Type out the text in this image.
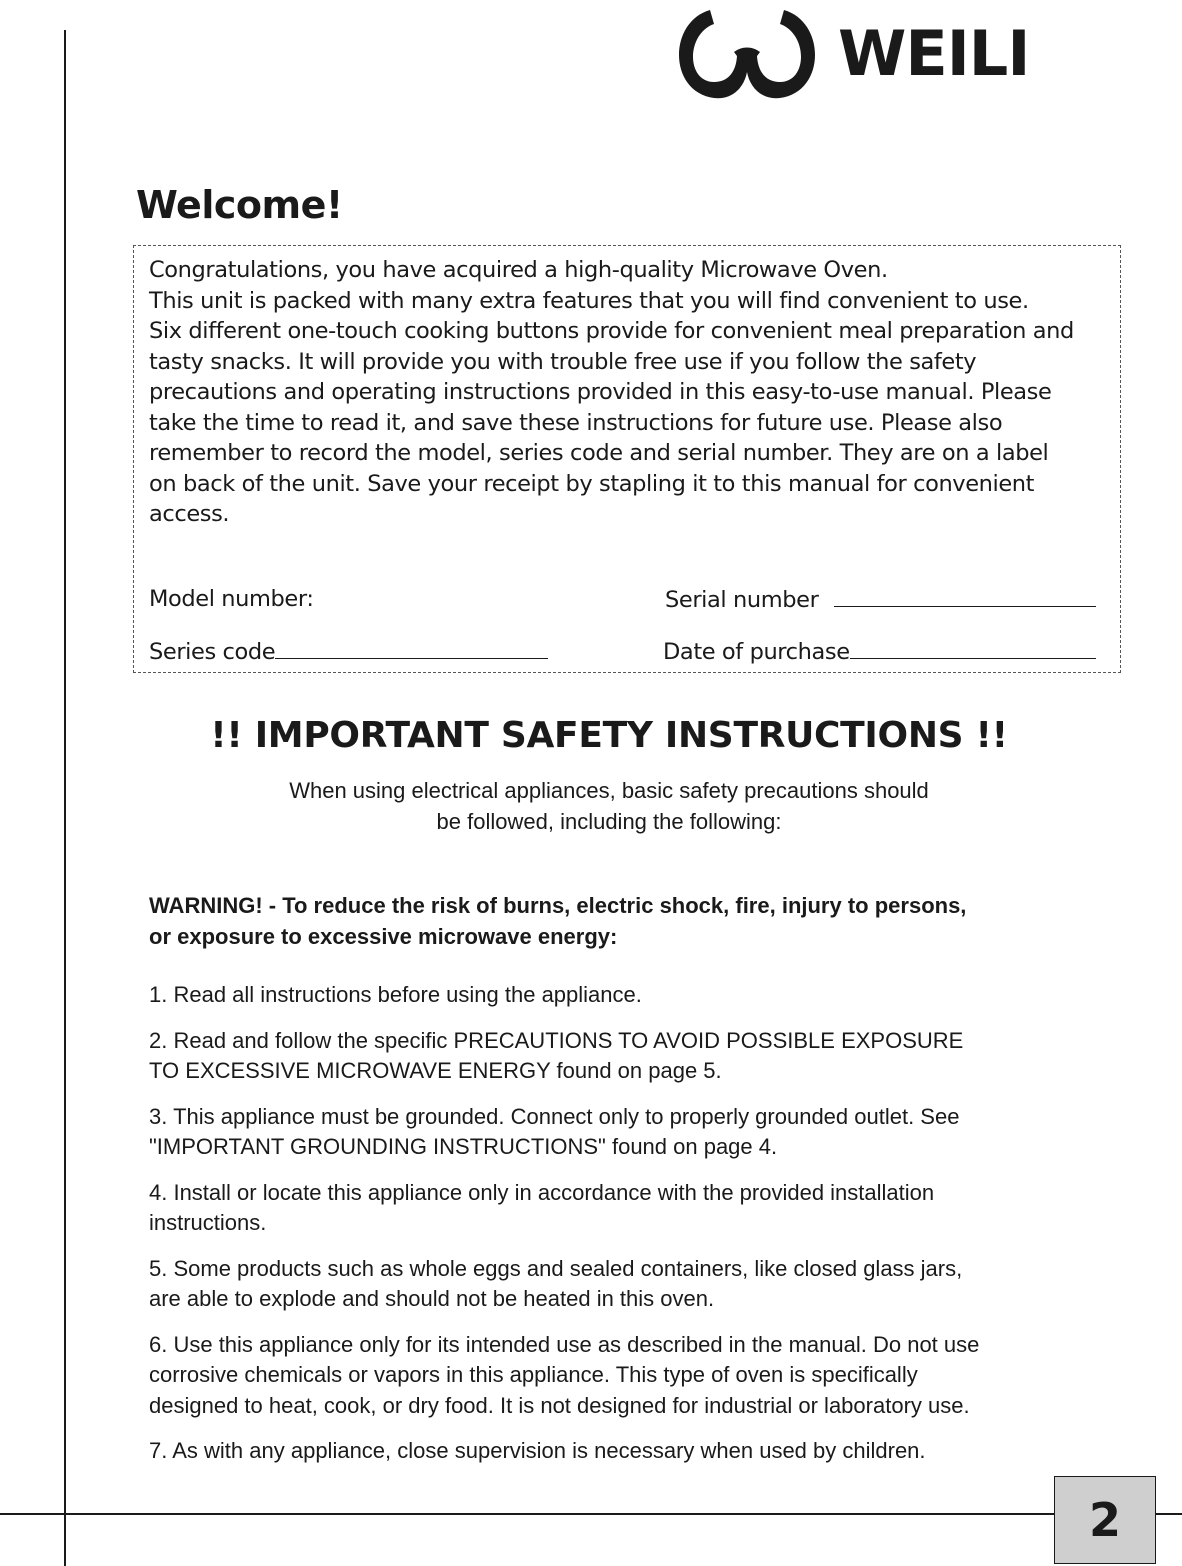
WEILI
Welcome!

Congratulations, you have acquired a high-quality Microwave Oven.
This unit is packed with many extra features that you will find convenient to use.
Six different one-touch cooking buttons provide for convenient meal preparation and
tasty snacks. It will provide you with trouble free use if you follow the safety
precautions and operating instructions provided in this easy-to-use manual. Please
take the time to read it, and save these instructions for future use. Please also
remember to record the model, series code and serial number. They are on a label
on back of the unit. Save your receipt by stapling it to this manual for convenient
access.

Model number:	Serial number
Series code	Date of purchase
!! IMPORTANT SAFETY INSTRUCTIONS !!

When using electrical appliances, basic safety precautions should
be followed, including the following:

WARNING! - To reduce the risk of burns, electric shock, fire, injury to persons,
or exposure to excessive microwave energy:

1. Read all instructions before using the appliance.
2. Read and follow the specific PRECAUTIONS TO AVOID POSSIBLE EXPOSURE
TO EXCESSIVE MICROWAVE ENERGY found on page 5.
3. This appliance must be grounded. Connect only to properly grounded outlet. See
"IMPORTANT GROUNDING INSTRUCTIONS" found on page 4.
4. Install or locate this appliance only in accordance with the provided installation
instructions.
5. Some products such as whole eggs and sealed containers, like closed glass jars,
are able to explode and should not be heated in this oven.
6. Use this appliance only for its intended use as described in the manual. Do not use
corrosive chemicals or vapors in this appliance. This type of oven is specifically
designed to heat, cook, or dry food. It is not designed for industrial or laboratory use.
7. As with any appliance, close supervision is necessary when used by children.
2
